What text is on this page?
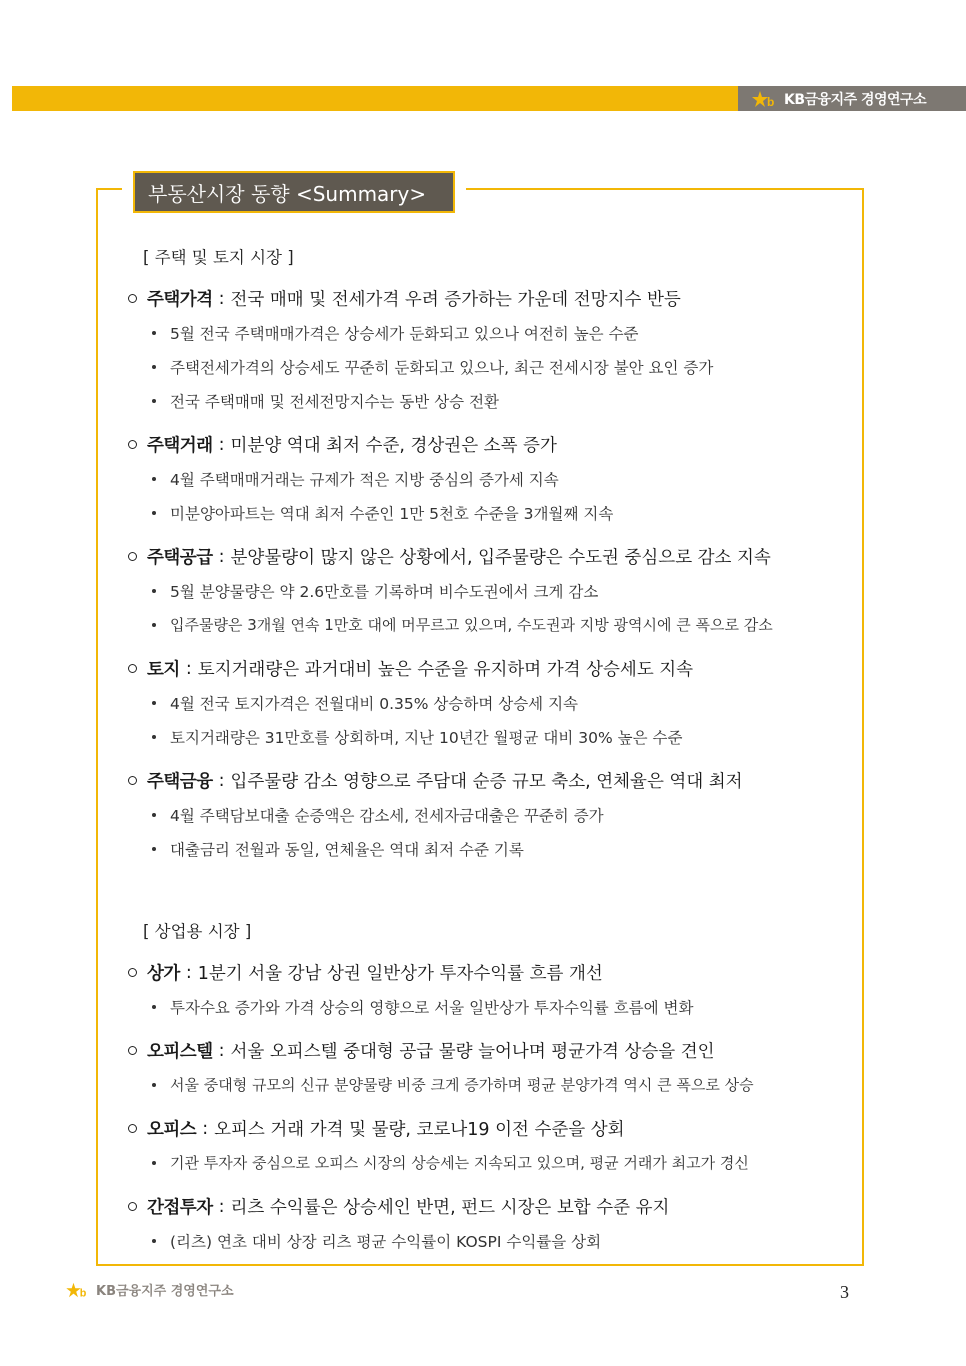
b KB금융지주 경영연구소
부동산시장 동향 <Summary>
[ 주택 및 토지 시장 ]
주택가격 : 전국 매매 및 전세가격 우려 증가하는 가운데 전망지수 반등
5월 전국 주택매매가격은 상승세가 둔화되고 있으나 여전히 높은 수준
주택전세가격의 상승세도 꾸준히 둔화되고 있으나, 최근 전세시장 불안 요인 증가
전국 주택매매 및 전세전망지수는 동반 상승 전환
주택거래 : 미분양 역대 최저 수준, 경상권은 소폭 증가
4월 주택매매거래는 규제가 적은 지방 중심의 증가세 지속
미분양아파트는 역대 최저 수준인 1만 5천호 수준을 3개월째 지속
주택공급 : 분양물량이 많지 않은 상황에서, 입주물량은 수도권 중심으로 감소 지속
5월 분양물량은 약 2.6만호를 기록하며 비수도권에서 크게 감소
입주물량은 3개월 연속 1만호 대에 머무르고 있으며, 수도권과 지방 광역시에 큰 폭으로 감소
토지 : 토지거래량은 과거대비 높은 수준을 유지하며 가격 상승세도 지속
4월 전국 토지가격은 전월대비 0.35% 상승하며 상승세 지속
토지거래량은 31만호를 상회하며, 지난 10년간 월평균 대비 30% 높은 수준
주택금융 : 입주물량 감소 영향으로 주담대 순증 규모 축소, 연체율은 역대 최저
4월 주택담보대출 순증액은 감소세, 전세자금대출은 꾸준히 증가
대출금리 전월과 동일, 연체율은 역대 최저 수준 기록
[ 상업용 시장 ]
상가 : 1분기 서울 강남 상권 일반상가 투자수익률 흐름 개선
투자수요 증가와 가격 상승의 영향으로 서울 일반상가 투자수익률 흐름에 변화
오피스텔 : 서울 오피스텔 중대형 공급 물량 늘어나며 평균가격 상승을 견인
서울 중대형 규모의 신규 분양물량 비중 크게 증가하며 평균 분양가격 역시 큰 폭으로 상승
오피스 : 오피스 거래 가격 및 물량, 코로나19 이전 수준을 상회
기관 투자자 중심으로 오피스 시장의 상승세는 지속되고 있으며, 평균 거래가 최고가 경신
간접투자 : 리츠 수익률은 상승세인 반면, 펀드 시장은 보합 수준 유지
(리츠) 연초 대비 상장 리츠 평균 수익률이 KOSPI 수익률을 상회
b KB금융지주 경영연구소	3
